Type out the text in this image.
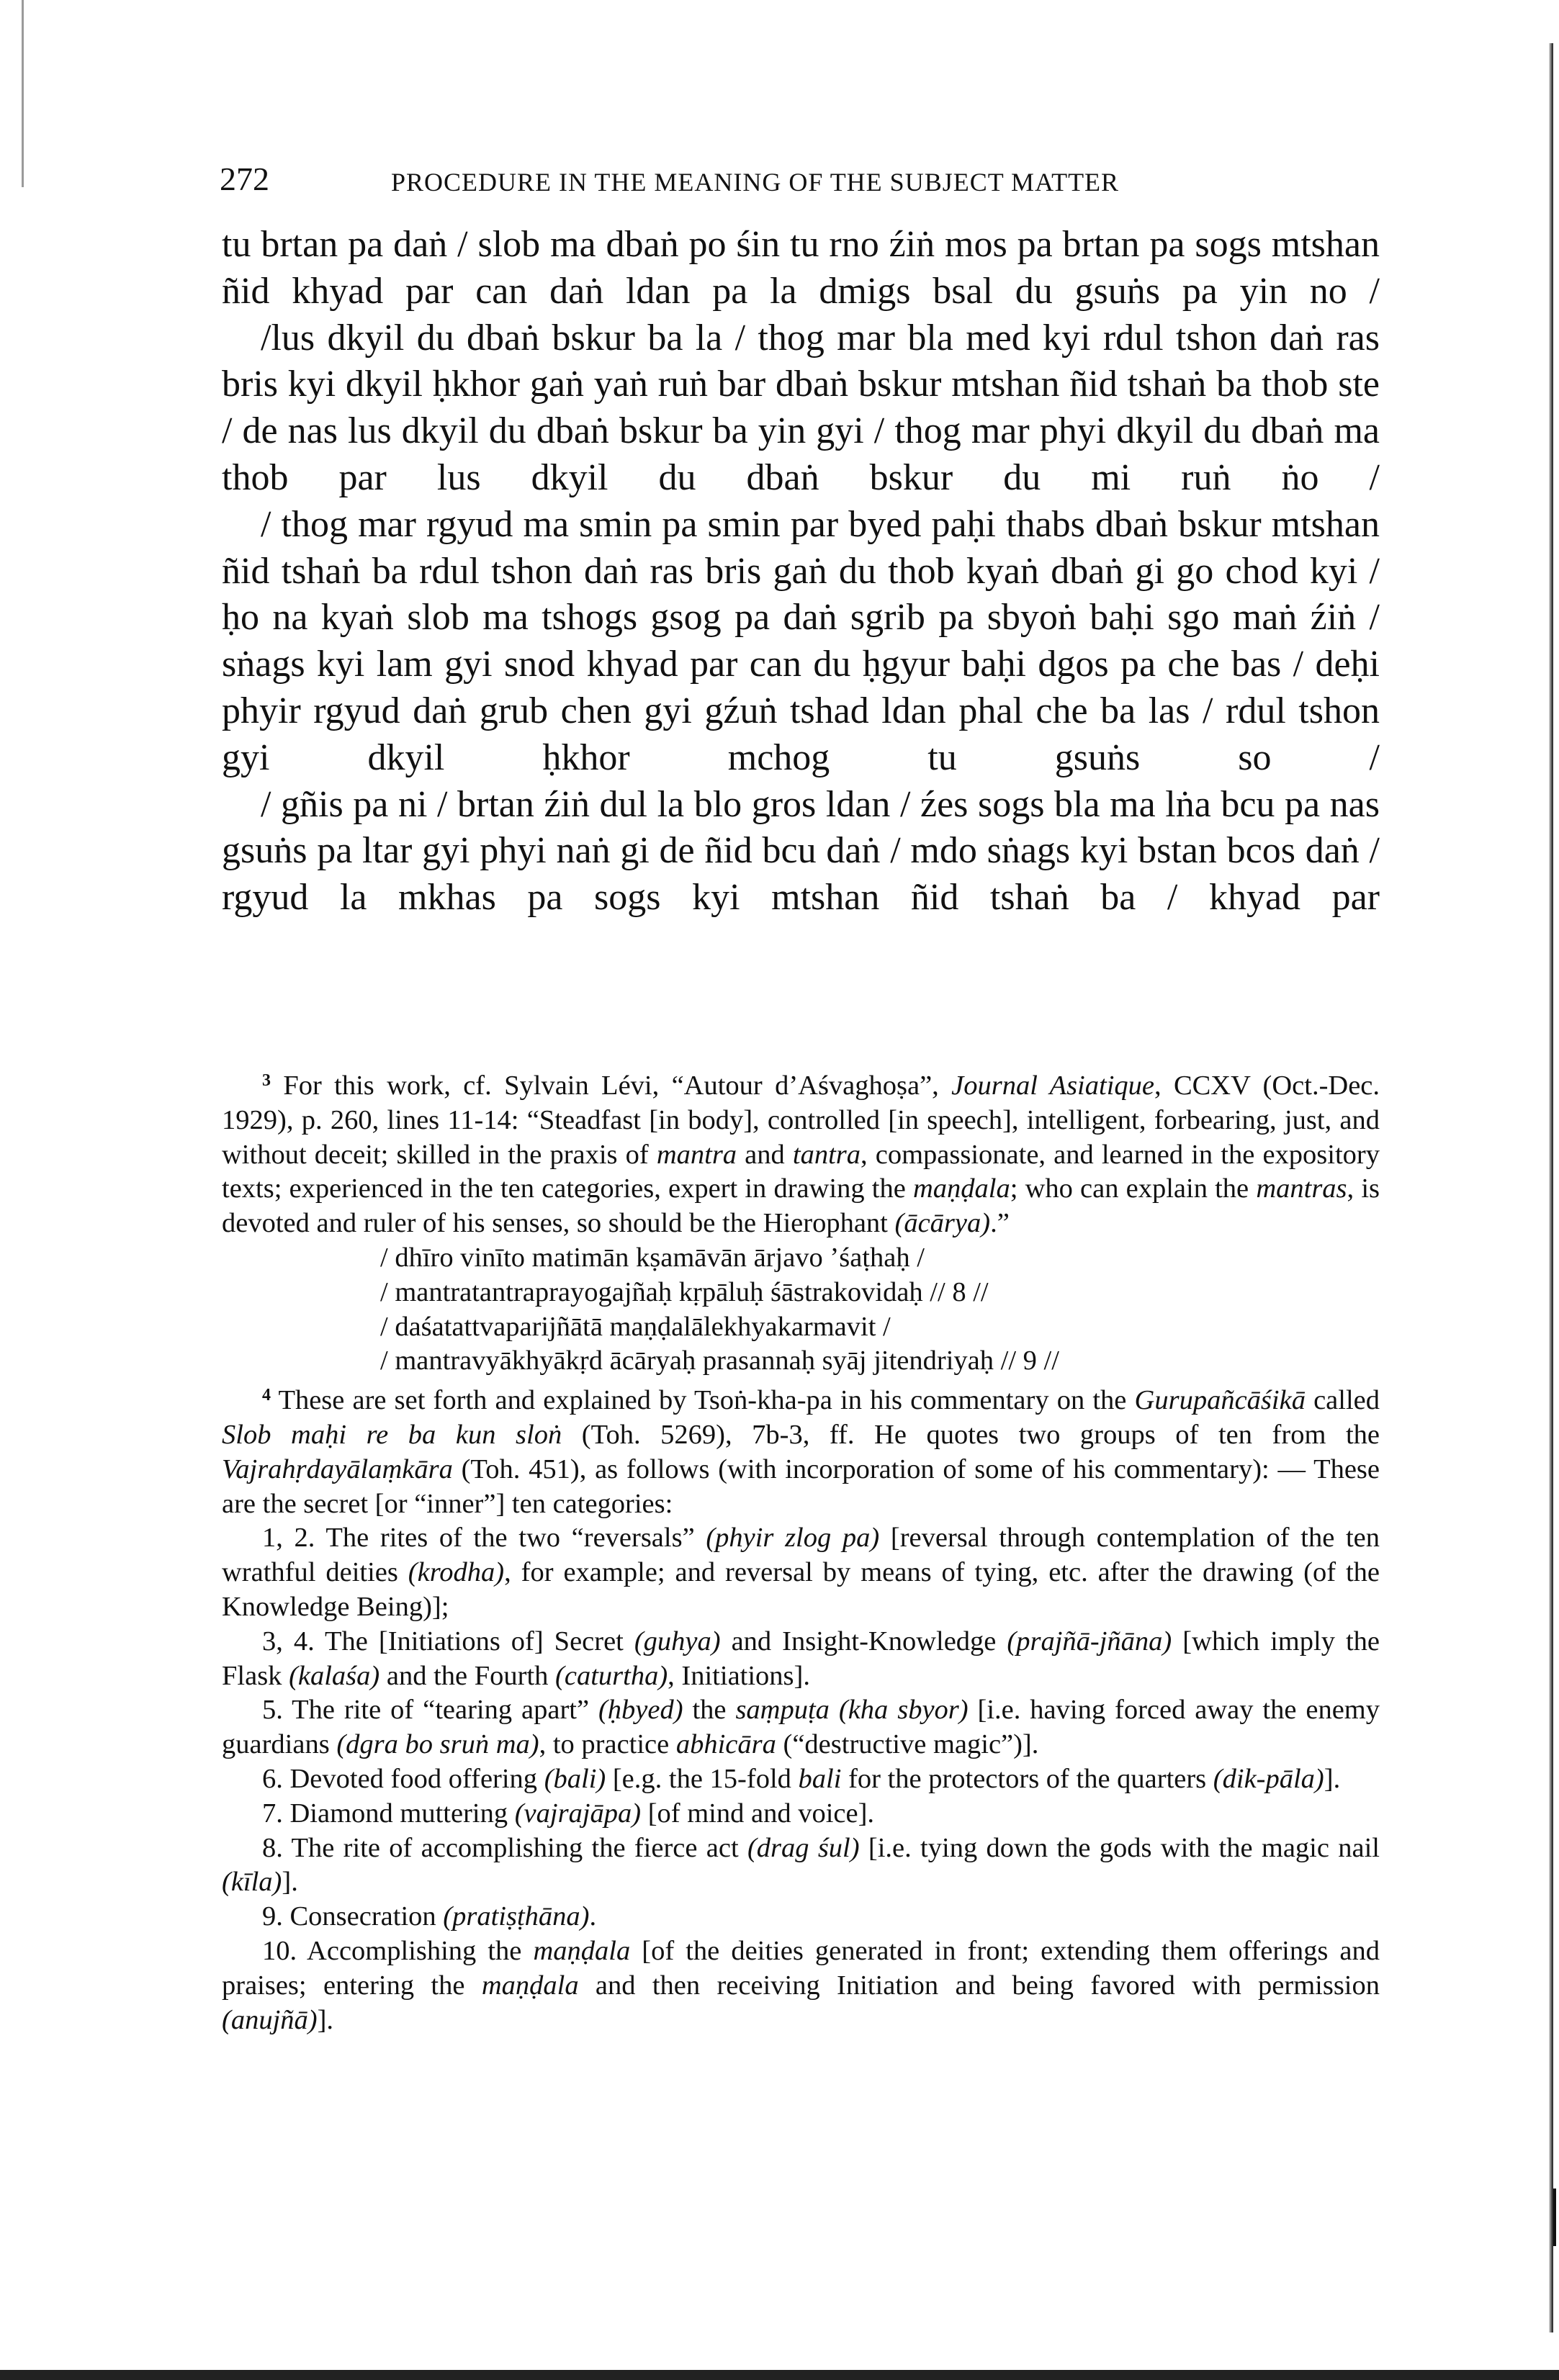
272	PROCEDURE IN THE MEANING OF THE SUBJECT MATTER

tu brtan pa daṅ / slob ma dbaṅ po śin tu rno źiṅ mos pa brtan pa sogs mtshan ñid khyad par can daṅ ldan pa la dmigs bsal du gsuṅs pa yin no /

/lus dkyil du dbaṅ bskur ba la / thog mar bla med kyi rdul tshon daṅ ras bris kyi dkyil ḥkhor gaṅ yaṅ ruṅ bar dbaṅ bskur mtshan ñid tshaṅ ba thob ste / de nas lus dkyil du dbaṅ bskur ba yin gyi / thog mar phyi dkyil du dbaṅ ma thob par lus dkyil du dbaṅ bskur du mi ruṅ ṅo /

/ thog mar rgyud ma smin pa smin par byed paḥi thabs dbaṅ bskur mtshan ñid tshaṅ ba rdul tshon daṅ ras bris gaṅ du thob kyaṅ dbaṅ gi go chod kyi / ḥo na kyaṅ slob ma tshogs gsog pa daṅ sgrib pa sbyoṅ baḥi sgo maṅ źiṅ / sṅags kyi lam gyi snod khyad par can du ḥgyur baḥi dgos pa che bas / deḥi phyir rgyud daṅ grub chen gyi gźuṅ tshad ldan phal che ba las / rdul tshon gyi dkyil ḥkhor mchog tu gsuṅs so /

/ gñis pa ni / brtan źiṅ dul la blo gros ldan / źes sogs bla ma lṅa bcu pa nas gsuṅs pa ltar gyi phyi naṅ gi de ñid bcu daṅ / mdo sṅags kyi bstan bcos daṅ / rgyud la mkhas pa sogs kyi mtshan ñid tshaṅ ba / khyad par

$^3$ For this work, cf. Sylvain Lévi, “Autour d’Aśvaghoṣa”, Journal Asiatique, CCXV (Oct.-Dec. 1929), p. 260, lines 11-14: “Steadfast [in body], controlled [in speech], intelligent, forbearing, just, and without deceit; skilled in the praxis of mantra and tantra, compassionate, and learned in the expository texts; experienced in the ten categories, expert in drawing the maṇḍala; who can explain the mantras, is devoted and ruler of his senses, so should be the Hierophant (ācārya).”

/ dhīro vinīto matimān kṣamāvān ārjavo ’śaṭhaḥ /

/ mantratantraprayogajñaḥ kṛpāluḥ śāstrakovidaḥ // 8 //

/ daśatattvaparijñātā maṇḍalālekhyakarmavit /

/ mantravyākhyākṛd ācāryaḥ prasannaḥ syāj jitendriyaḥ // 9 //

$^4$ These are set forth and explained by Tsoṅ-kha-pa in his commentary on the Gurupañcāśikā called Slob maḥi re ba kun sloṅ (Toh. 5269), 7b-3, ff. He quotes two groups of ten from the Vajrahṛdayālaṃkāra (Toh. 451), as follows (with incorporation of some of his commentary): — These are the secret [or “inner”] ten categories:

1, 2. The rites of the two “reversals” (phyir zlog pa) [reversal through contemplation of the ten wrathful deities (krodha), for example; and reversal by means of tying, etc. after the drawing (of the Knowledge Being)];

3, 4. The [Initiations of] Secret (guhya) and Insight-Knowledge (prajñā-jñāna) [which imply the Flask (kalaśa) and the Fourth (caturtha), Initiations].

5. The rite of “tearing apart” (ḥbyed) the saṃpuṭa (kha sbyor) [i.e. having forced away the enemy guardians (dgra bo sruṅ ma), to practice abhicāra (“destructive magic”)].

6. Devoted food offering (bali) [e.g. the 15-fold bali for the protectors of the quarters (dik-pāla)].

7. Diamond muttering (vajrajāpa) [of mind and voice].

8. The rite of accomplishing the fierce act (drag śul) [i.e. tying down the gods with the magic nail (kīla)].

9. Consecration (pratiṣṭhāna).

10. Accomplishing the maṇḍala [of the deities generated in front; extending them offerings and praises; entering the maṇḍala and then receiving Initiation and being favored with permission (anujñā)].
